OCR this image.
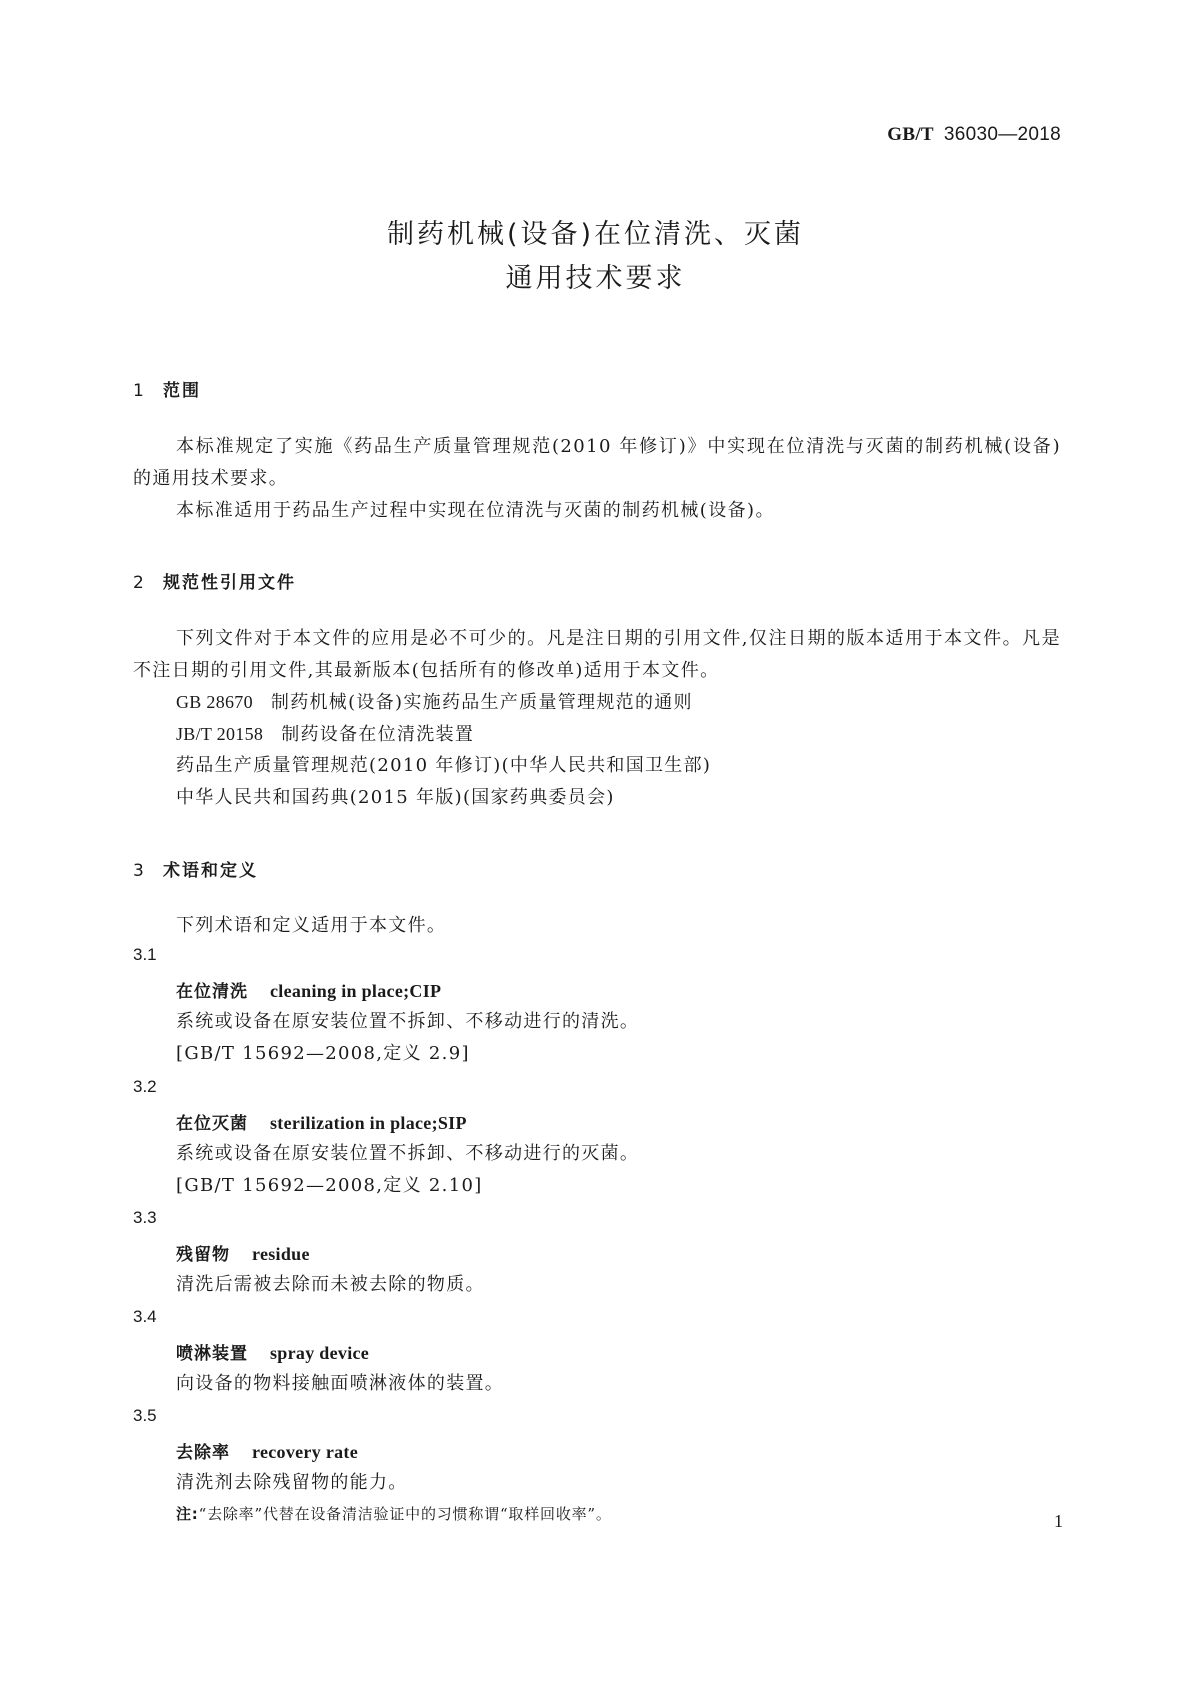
GB/T 36030—2018
制药机械(设备)在位清洗、灭菌
通用技术要求
1 范围
本标准规定了实施《药品生产质量管理规范(2010 年修订)》中实现在位清洗与灭菌的制药机械(设备)的通用技术要求。
本标准适用于药品生产过程中实现在位清洗与灭菌的制药机械(设备)。
2 规范性引用文件
下列文件对于本文件的应用是必不可少的。凡是注日期的引用文件,仅注日期的版本适用于本文件。凡是不注日期的引用文件,其最新版本(包括所有的修改单)适用于本文件。
GB 28670 制药机械(设备)实施药品生产质量管理规范的通则
JB/T 20158 制药设备在位清洗装置
药品生产质量管理规范(2010 年修订)(中华人民共和国卫生部)
中华人民共和国药典(2015 年版)(国家药典委员会)
3 术语和定义
下列术语和定义适用于本文件。
3.1
在位清洗 cleaning in place;CIP
系统或设备在原安装位置不拆卸、不移动进行的清洗。
[GB/T 15692—2008,定义 2.9]
3.2
在位灭菌 sterilization in place;SIP
系统或设备在原安装位置不拆卸、不移动进行的灭菌。
[GB/T 15692—2008,定义 2.10]
3.3
残留物 residue
清洗后需被去除而未被去除的物质。
3.4
喷淋装置 spray device
向设备的物料接触面喷淋液体的装置。
3.5
去除率 recovery rate
清洗剂去除残留物的能力。
注:“去除率”代替在设备清洁验证中的习惯称谓“取样回收率”。	1
